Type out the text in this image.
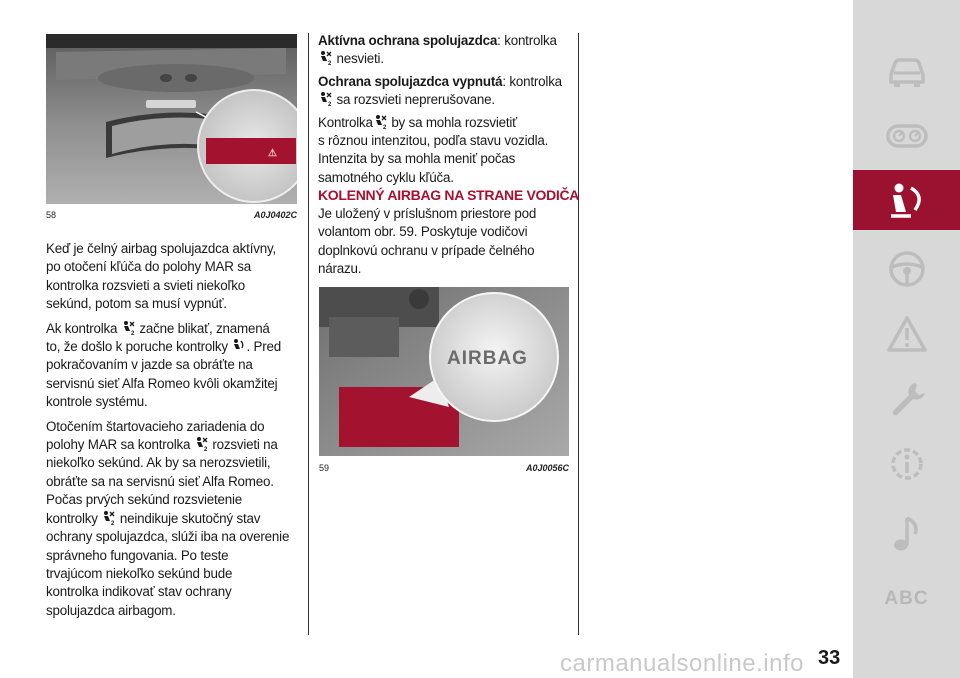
⚠
58	A0J0402C

Keď je čelný airbag spolujazdca aktívny,
po otočení kľúča do polohy MAR sa
kontrolka rozsvieti a svieti niekoľko
sekúnd, potom sa musí vypnúť.

Ak kontrolka 2 začne blikať, znamená
to, že došlo k poruche kontrolky . Pred
pokračovaním v jazde sa obráťte na
servisnú sieť Alfa Romeo kvôli okamžitej
kontrole systému.

Otočením štartovacieho zariadenia do
polohy MAR sa kontrolka 2 rozsvieti na
niekoľko sekúnd. Ak by sa nerozsvietili,
obráťte sa na servisnú sieť Alfa Romeo.
Počas prvých sekúnd rozsvietenie
kontrolky 2 neindikuje skutočný stav
ochrany spolujazdca, slúži iba na overenie
správneho fungovania. Po teste
trvajúcom niekoľko sekúnd bude
kontrolka indikovať stav ochrany
spolujazdca airbagom.

Aktívna ochrana spolujazdca: kontrolka
2 nesvieti.

Ochrana spolujazdca vypnutá: kontrolka
2 sa rozsvieti neprerušovane.

Kontrolka 2 by sa mohla rozsvietiť
s rôznou intenzitou, podľa stavu vozidla.
Intenzita by sa mohla meniť počas
samotného cyklu kľúča.

KOLENNÝ AIRBAG NA STRANE VODIČA

Je uložený v príslušnom priestore pod
volantom obr. 59. Poskytuje vodičovi
doplnkovú ochranu v prípade čelného
nárazu.

AIRBAG
59	A0J0056C
ABC
33
carmanualsonline.info
